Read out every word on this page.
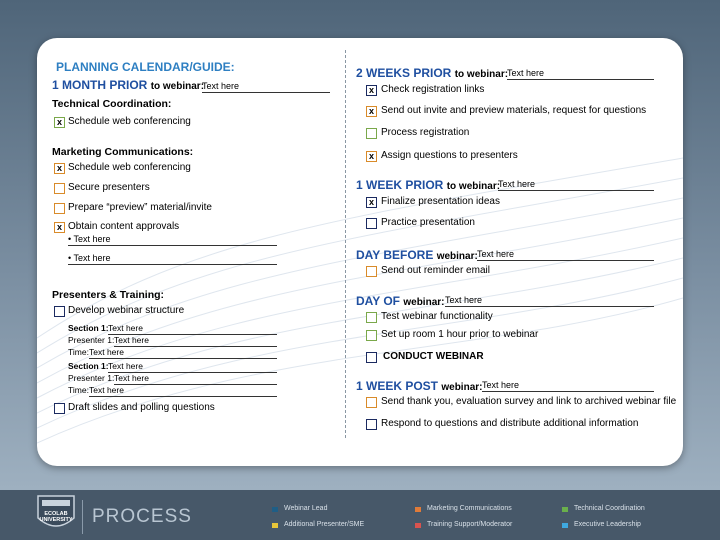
PLANNING CALENDAR/GUIDE:
1 MONTH PRIOR to webinar:
Text here
Technical Coordination:
x Schedule web conferencing
Marketing Communications:
x Schedule web conferencing
Secure presenters
Prepare “preview” material/invite
x Obtain content approvals
• Text here
• Text here
Presenters & Training:
Develop webinar structure
Section 1: Text here
Presenter 1: Text here
Time: Text here
Section 1: Text here
Presenter 1: Text here
Time: Text here
Draft slides and polling questions
2 WEEKS PRIOR to webinar:
Text here
x Check registration links
x Send out invite and preview materials, request for questions
Process registration
x Assign questions to presenters
1 WEEK PRIOR to webinar:
Text here
x Finalize presentation ideas
Practice presentation
DAY BEFORE webinar: Text here
Send out reminder email
DAY OF webinar: Text here
Test webinar functionality
Set up room 1 hour prior to webinar
CONDUCT WEBINAR
1 WEEK POST webinar: Text here
Send thank you, evaluation survey and link to archived webinar file
Respond to questions and distribute additional information
ECOLAB UNIVERSITY PROCESS	Webinar Lead	Marketing Communications	Technical Coordination
Additional Presenter/SME	Training Support/Moderator	Executive Leadership
